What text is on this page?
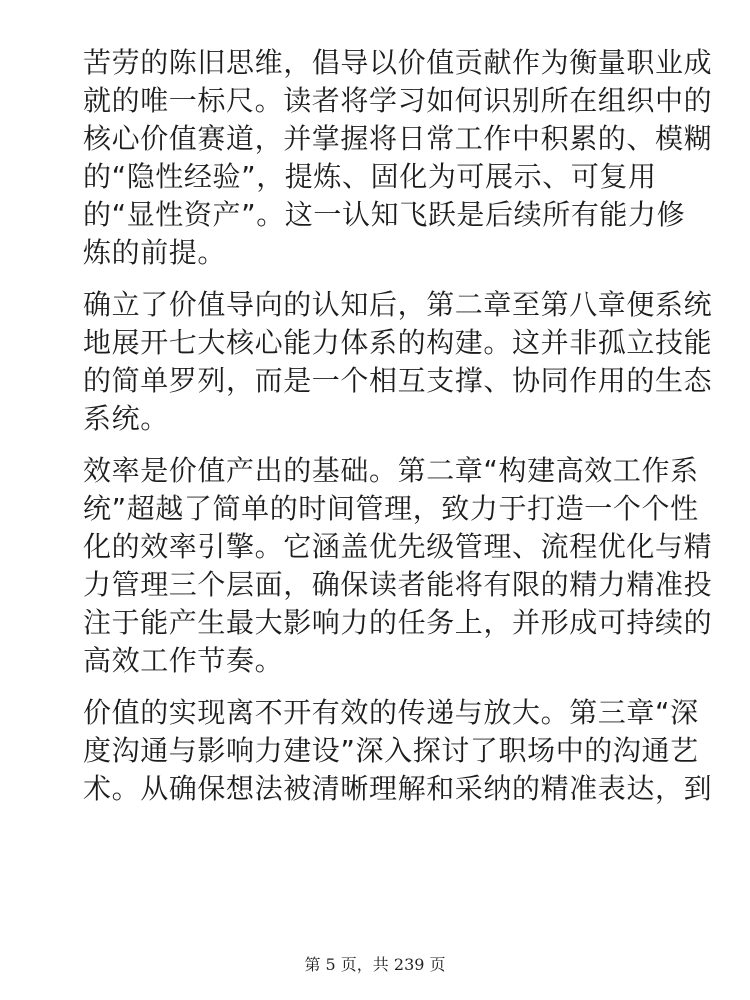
苦劳的陈旧思维，倡导以价值贡献作为衡量职业成
就的唯一标尺。读者将学习如何识别所在组织中的
核心价值赛道，并掌握将日常工作中积累的、模糊
的“隐性经验”，提炼、固化为可展示、可复用
的“显性资产”。这一认知飞跃是后续所有能力修
炼的前提。

确立了价值导向的认知后，第二章至第八章便系统
地展开七大核心能力体系的构建。这并非孤立技能
的简单罗列，而是一个相互支撑、协同作用的生态
系统。

效率是价值产出的基础。第二章“构建高效工作系
统”超越了简单的时间管理，致力于打造一个个性
化的效率引擎。它涵盖优先级管理、流程优化与精
力管理三个层面，确保读者能将有限的精力精准投
注于能产生最大影响力的任务上，并形成可持续的
高效工作节奏。

价值的实现离不开有效的传递与放大。第三章“深
度沟通与影响力建设”深入探讨了职场中的沟通艺
术。从确保想法被清晰理解和采纳的精准表达，到

第 5 页，共 239 页
